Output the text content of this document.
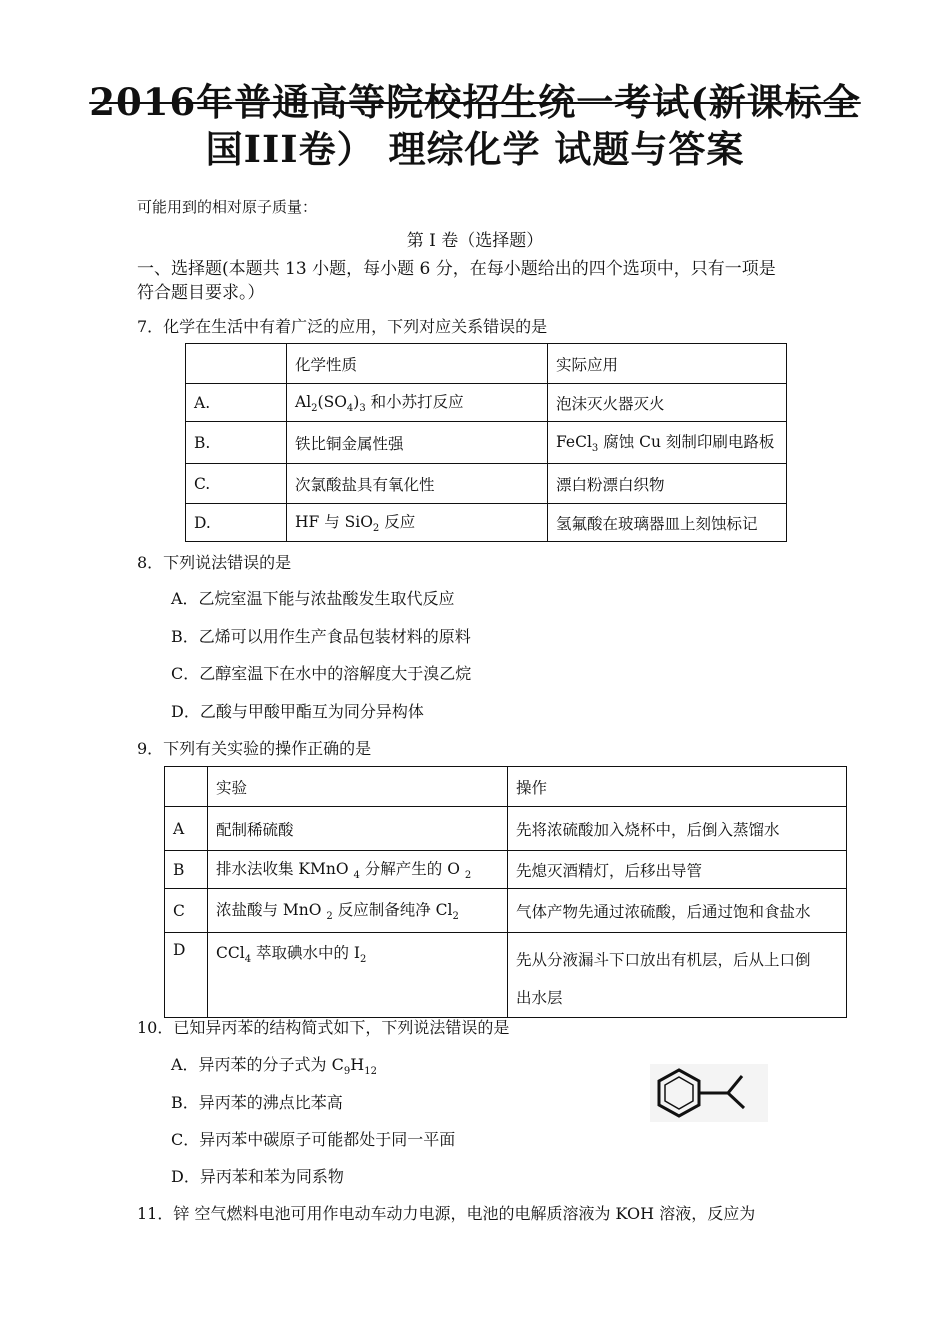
2016年普通高等院校招生统一考试(新课标全
国III卷） 理综化学 试题与答案
可能用到的相对原子质量：
第 I 卷（选择题）
一、选择题(本题共 13 小题，每小题 6 分，在每小题给出的四个选项中，只有一项是
符合题目要求。）
7．化学在生活中有着广泛的应用，下列对应关系错误的是
	化学性质	实际应用
A.	$Al_2(SO_4)_3$ 和小苏打反应	泡沫灭火器灭火
B.	铁比铜金属性强	FeCl$_3$ 腐蚀 Cu 刻制印刷电路板
C.	次氯酸盐具有氧化性	漂白粉漂白织物
D.	HF 与 SiO$_2$ 反应	氢氟酸在玻璃器皿上刻蚀标记
8．下列说法错误的是
A．乙烷室温下能与浓盐酸发生取代反应
B．乙烯可以用作生产食品包装材料的原料
C．乙醇室温下在水中的溶解度大于溴乙烷
D．乙酸与甲酸甲酯互为同分异构体
9．下列有关实验的操作正确的是
	实验	操作
A	配制稀硫酸	先将浓硫酸加入烧杯中，后倒入蒸馏水
B	排水法收集 KMnO $_4$ 分解产生的 O $_2$	先熄灭酒精灯，后移出导管
C	浓盐酸与 MnO $_2$ 反应制备纯净 $Cl_2$	气体产物先通过浓硫酸，后通过饱和食盐水
D	CCl$_4$ 萃取碘水中的 $I_2$	先从分液漏斗下口放出有机层，后从上口倒
出水层
10．已知异丙苯的结构简式如下，下列说法错误的是
A．异丙苯的分子式为 $C_9H_{12}$
B．异丙苯的沸点比苯高
C．异丙苯中碳原子可能都处于同一平面
D．异丙苯和苯为同系物
11．锌 空气燃料电池可用作电动车动力电源，电池的电解质溶液为 KOH 溶液，反应为
